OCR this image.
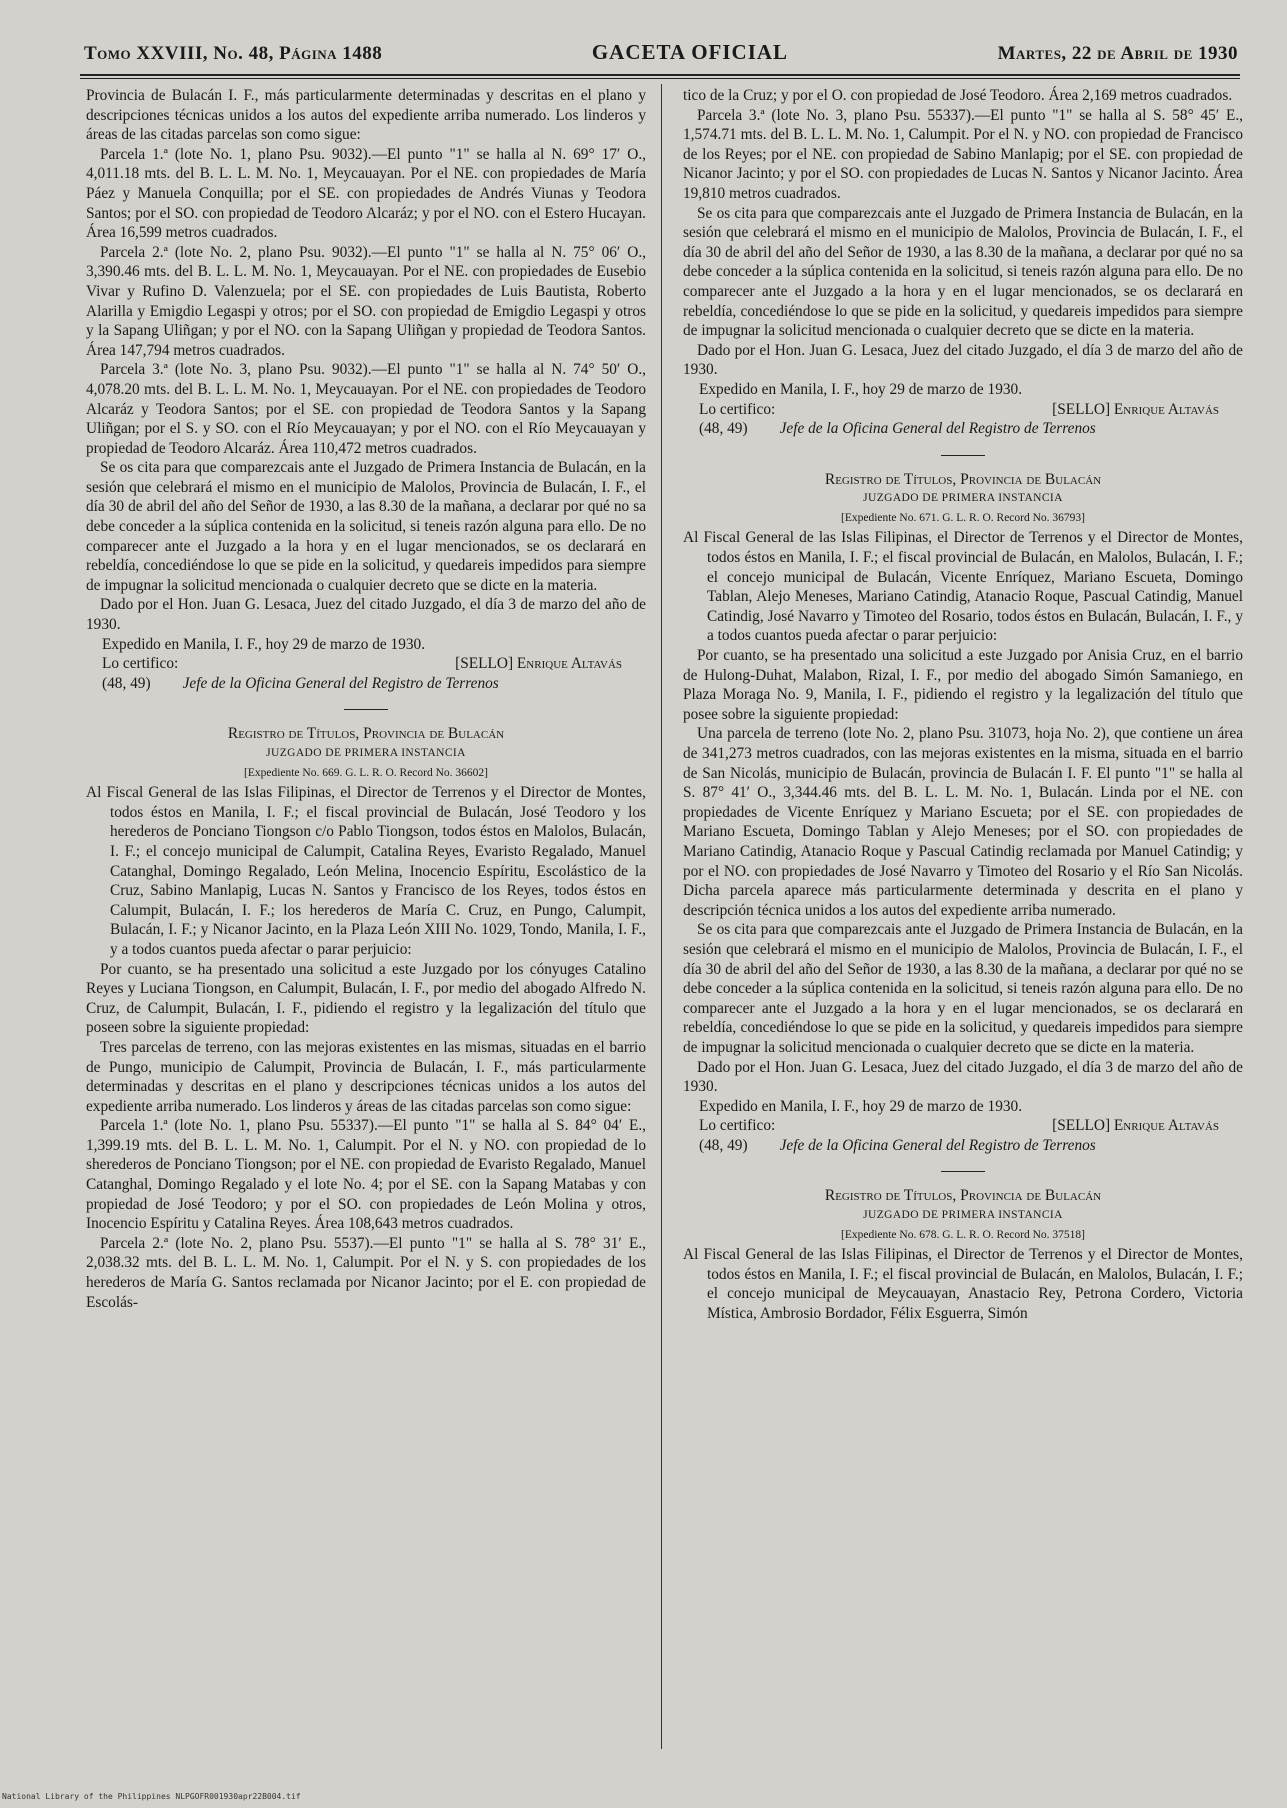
Tomo XXVIII, No. 48, Página 1488	GACETA OFICIAL	Martes, 22 de Abril de 1930

Provincia de Bulacán I. F., más particularmente determinadas y descritas en el plano y descripciones técnicas unidos a los autos del expediente arriba numerado. Los linderos y áreas de las citadas parcelas son como sigue:

Parcela 1.ª (lote No. 1, plano Psu. 9032).—El punto "1" se halla al N. 69° 17′ O., 4,011.18 mts. del B. L. L. M. No. 1, Meycauayan. Por el NE. con propiedades de María Páez y Manuela Conquilla; por el SE. con propiedades de Andrés Viunas y Teodora Santos; por el SO. con propiedad de Teodoro Alcaráz; y por el NO. con el Estero Hucayan. Área 16,599 metros cuadrados.

Parcela 2.ª (lote No. 2, plano Psu. 9032).—El punto "1" se halla al N. 75° 06′ O., 3,390.46 mts. del B. L. L. M. No. 1, Meycauayan. Por el NE. con propiedades de Eusebio Vivar y Rufino D. Valenzuela; por el SE. con propiedades de Luis Bautista, Roberto Alarilla y Emigdio Legaspi y otros; por el SO. con propiedad de Emigdio Legaspi y otros y la Sapang Uliñgan; y por el NO. con la Sapang Uliñgan y propiedad de Teodora Santos. Área 147,794 metros cuadrados.

Parcela 3.ª (lote No. 3, plano Psu. 9032).—El punto "1" se halla al N. 74° 50′ O., 4,078.20 mts. del B. L. L. M. No. 1, Meycauayan. Por el NE. con propiedades de Teodoro Alcaráz y Teodora Santos; por el SE. con propiedad de Teodora Santos y la Sapang Uliñgan; por el S. y SO. con el Río Meycauayan; y por el NO. con el Río Meycauayan y propiedad de Teodoro Alcaráz. Área 110,472 metros cuadrados.

Se os cita para que comparezcais ante el Juzgado de Primera Instancia de Bulacán, en la sesión que celebrará el mismo en el municipio de Malolos, Provincia de Bulacán, I. F., el día 30 de abril del año del Señor de 1930, a las 8.30 de la mañana, a declarar por qué no sa debe conceder a la súplica contenida en la solicitud, si teneis razón alguna para ello. De no comparecer ante el Juzgado a la hora y en el lugar mencionados, se os declarará en rebeldía, concediéndose lo que se pide en la solicitud, y quedareis impedidos para siempre de impugnar la solicitud mencionada o cualquier decreto que se dicte en la materia.

Dado por el Hon. Juan G. Lesaca, Juez del citado Juzgado, el día 3 de marzo del año de 1930.

Expedido en Manila, I. F., hoy 29 de marzo de 1930.

Lo certifico:	[SELLO] Enrique Altavás

(48, 49) Jefe de la Oficina General del Registro de Terrenos

Registro de Títulos, Provincia de Bulacán

JUZGADO DE PRIMERA INSTANCIA

[Expediente No. 669. G. L. R. O. Record No. 36602]

Al Fiscal General de las Islas Filipinas, el Director de Terrenos y el Director de Montes, todos éstos en Manila, I. F.; el fiscal provincial de Bulacán, José Teodoro y los herederos de Ponciano Tiongson c/o Pablo Tiongson, todos éstos en Malolos, Bulacán, I. F.; el concejo municipal de Calumpit, Catalina Reyes, Evaristo Regalado, Manuel Catanghal, Domingo Regalado, León Melina, Inocencio Espíritu, Escolástico de la Cruz, Sabino Manlapig, Lucas N. Santos y Francisco de los Reyes, todos éstos en Calumpit, Bulacán, I. F.; los herederos de María C. Cruz, en Pungo, Calumpit, Bulacán, I. F.; y Nicanor Jacinto, en la Plaza León XIII No. 1029, Tondo, Manila, I. F., y a todos cuantos pueda afectar o parar perjuicio:

Por cuanto, se ha presentado una solicitud a este Juzgado por los cónyuges Catalino Reyes y Luciana Tiongson, en Calumpit, Bulacán, I. F., por medio del abogado Alfredo N. Cruz, de Calumpit, Bulacán, I. F., pidiendo el registro y la legalización del título que poseen sobre la siguiente propiedad:

Tres parcelas de terreno, con las mejoras existentes en las mismas, situadas en el barrio de Pungo, municipio de Calumpit, Provincia de Bulacán, I. F., más particularmente determinadas y descritas en el plano y descripciones técnicas unidos a los autos del expediente arriba numerado. Los linderos y áreas de las citadas parcelas son como sigue:

Parcela 1.ª (lote No. 1, plano Psu. 55337).—El punto "1" se halla al S. 84° 04′ E., 1,399.19 mts. del B. L. L. M. No. 1, Calumpit. Por el N. y NO. con propiedad de lo sherederos de Ponciano Tiongson; por el NE. con propiedad de Evaristo Regalado, Manuel Catanghal, Domingo Regalado y el lote No. 4; por el SE. con la Sapang Matabas y con propiedad de José Teodoro; y por el SO. con propiedades de León Molina y otros, Inocencio Espíritu y Catalina Reyes. Área 108,643 metros cuadrados.

Parcela 2.ª (lote No. 2, plano Psu. 5537).—El punto "1" se halla al S. 78° 31′ E., 2,038.32 mts. del B. L. L. M. No. 1, Calumpit. Por el N. y S. con propiedades de los herederos de María G. Santos reclamada por Nicanor Jacinto; por el E. con propiedad de Escolás-

tico de la Cruz; y por el O. con propiedad de José Teodoro. Área 2,169 metros cuadrados.

Parcela 3.ª (lote No. 3, plano Psu. 55337).—El punto "1" se halla al S. 58° 45′ E., 1,574.71 mts. del B. L. L. M. No. 1, Calumpit. Por el N. y NO. con propiedad de Francisco de los Reyes; por el NE. con propiedad de Sabino Manlapig; por el SE. con propiedad de Nicanor Jacinto; y por el SO. con propiedades de Lucas N. Santos y Nicanor Jacinto. Área 19,810 metros cuadrados.

Se os cita para que comparezcais ante el Juzgado de Primera Instancia de Bulacán, en la sesión que celebrará el mismo en el municipio de Malolos, Provincia de Bulacán, I. F., el día 30 de abril del año del Señor de 1930, a las 8.30 de la mañana, a declarar por qué no sa debe conceder a la súplica contenida en la solicitud, si teneis razón alguna para ello. De no comparecer ante el Juzgado a la hora y en el lugar mencionados, se os declarará en rebeldía, concediéndose lo que se pide en la solicitud, y quedareis impedidos para siempre de impugnar la solicitud mencionada o cualquier decreto que se dicte en la materia.

Dado por el Hon. Juan G. Lesaca, Juez del citado Juzgado, el día 3 de marzo del año de 1930.

Expedido en Manila, I. F., hoy 29 de marzo de 1930.

Lo certifico:	[SELLO] Enrique Altavás

(48, 49) Jefe de la Oficina General del Registro de Terrenos

Registro de Títulos, Provincia de Bulacán

JUZGADO DE PRIMERA INSTANCIA

[Expediente No. 671. G. L. R. O. Record No. 36793]

Al Fiscal General de las Islas Filipinas, el Director de Terrenos y el Director de Montes, todos éstos en Manila, I. F.; el fiscal provincial de Bulacán, en Malolos, Bulacán, I. F.; el concejo municipal de Bulacán, Vicente Enríquez, Mariano Escueta, Domingo Tablan, Alejo Meneses, Mariano Catindig, Atanacio Roque, Pascual Catindig, Manuel Catindig, José Navarro y Timoteo del Rosario, todos éstos en Bulacán, Bulacán, I. F., y a todos cuantos pueda afectar o parar perjuicio:

Por cuanto, se ha presentado una solicitud a este Juzgado por Anisia Cruz, en el barrio de Hulong-Duhat, Malabon, Rizal, I. F., por medio del abogado Simón Samaniego, en Plaza Moraga No. 9, Manila, I. F., pidiendo el registro y la legalización del título que posee sobre la siguiente propiedad:

Una parcela de terreno (lote No. 2, plano Psu. 31073, hoja No. 2), que contiene un área de 341,273 metros cuadrados, con las mejoras existentes en la misma, situada en el barrio de San Nicolás, municipio de Bulacán, provincia de Bulacán I. F. El punto "1" se halla al S. 87° 41′ O., 3,344.46 mts. del B. L. L. M. No. 1, Bulacán. Linda por el NE. con propiedades de Vicente Enríquez y Mariano Escueta; por el SE. con propiedades de Mariano Escueta, Domingo Tablan y Alejo Meneses; por el SO. con propiedades de Mariano Catindig, Atanacio Roque y Pascual Catindig reclamada por Manuel Catindig; y por el NO. con propiedades de José Navarro y Timoteo del Rosario y el Río San Nicolás. Dicha parcela aparece más particularmente determinada y descrita en el plano y descripción técnica unidos a los autos del expediente arriba numerado.

Se os cita para que comparezcais ante el Juzgado de Primera Instancia de Bulacán, en la sesión que celebrará el mismo en el municipio de Malolos, Provincia de Bulacán, I. F., el día 30 de abril del año del Señor de 1930, a las 8.30 de la mañana, a declarar por qué no se debe conceder a la súplica contenida en la solicitud, si teneis razón alguna para ello. De no comparecer ante el Juzgado a la hora y en el lugar mencionados, se os declarará en rebeldía, concediéndose lo que se pide en la solicitud, y quedareis impedidos para siempre de impugnar la solicitud mencionada o cualquier decreto que se dicte en la materia.

Dado por el Hon. Juan G. Lesaca, Juez del citado Juzgado, el día 3 de marzo del año de 1930.

Expedido en Manila, I. F., hoy 29 de marzo de 1930.

Lo certifico:	[SELLO] Enrique Altavás

(48, 49) Jefe de la Oficina General del Registro de Terrenos

Registro de Títulos, Provincia de Bulacán

JUZGADO DE PRIMERA INSTANCIA

[Expediente No. 678. G. L. R. O. Record No. 37518]

Al Fiscal General de las Islas Filipinas, el Director de Terrenos y el Director de Montes, todos éstos en Manila, I. F.; el fiscal provincial de Bulacán, en Malolos, Bulacán, I. F.; el concejo municipal de Meycauayan, Anastacio Rey, Petrona Cordero, Victoria Mística, Ambrosio Bordador, Félix Esguerra, Simón

National Library of the Philippines NLPGOFR001930apr22B004.tif
